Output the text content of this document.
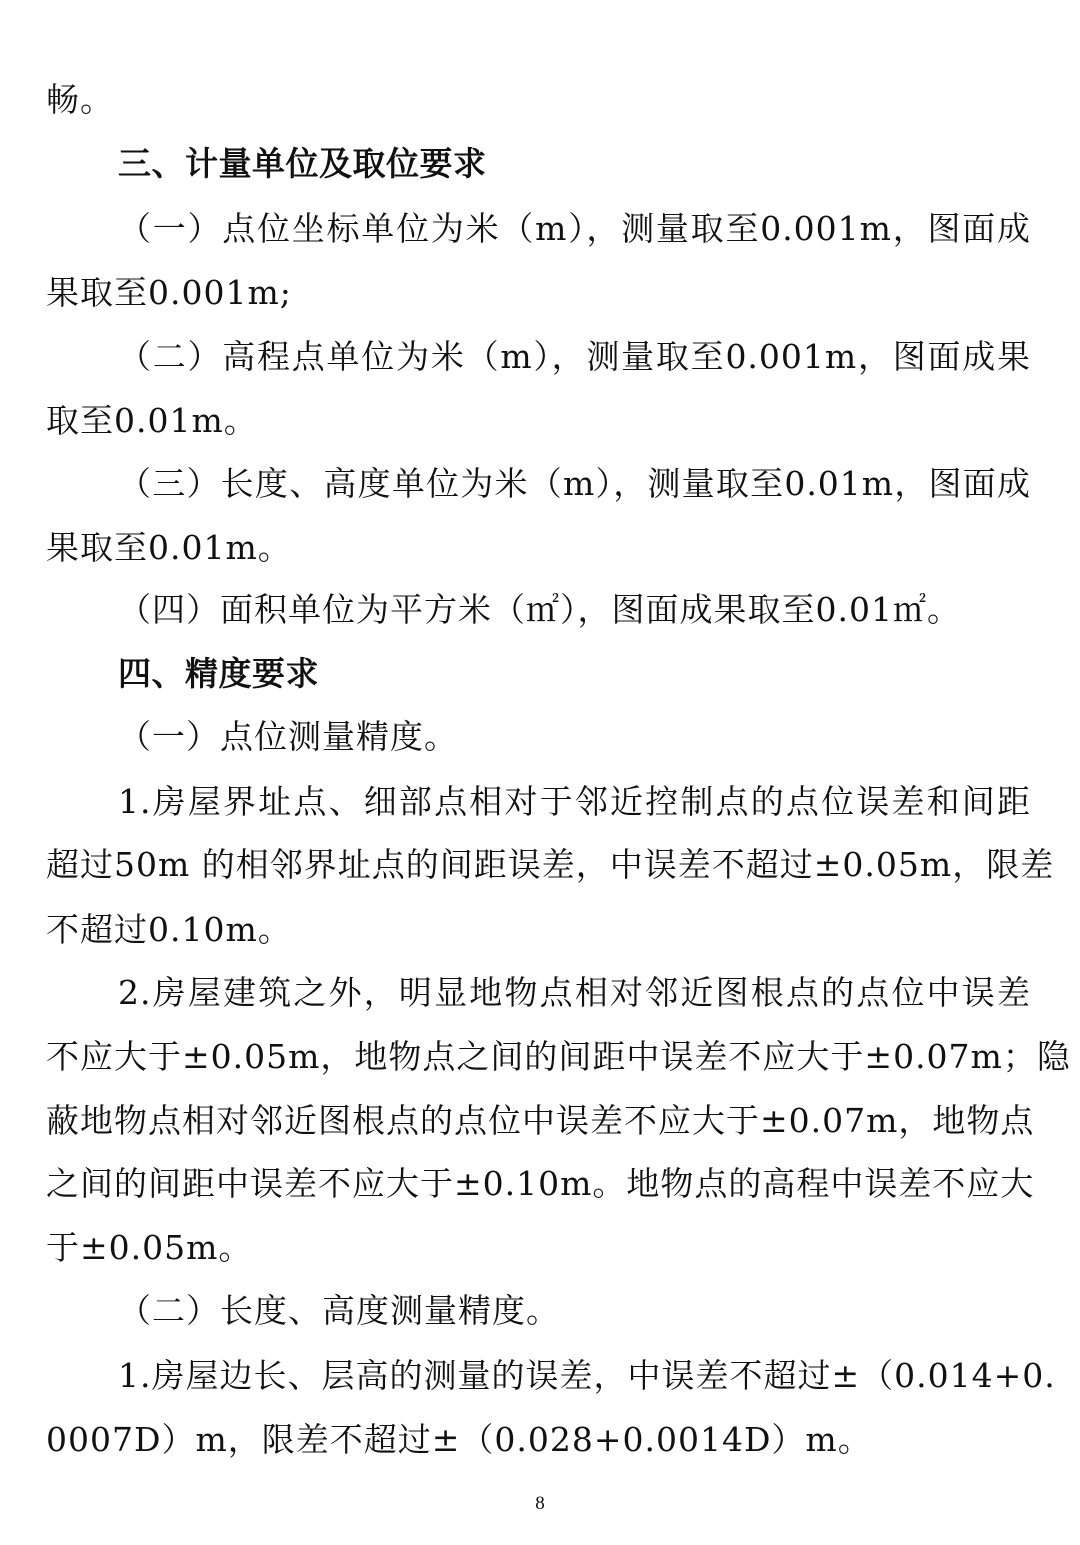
畅。
三、计量单位及取位要求
（一）点位坐标单位为米（m），测量取至0.001m，图面成
果取至0.001m;
（二）高程点单位为米（m），测量取至0.001m，图面成果
取至0.01m。
（三）长度、高度单位为米（m），测量取至0.01m，图面成
果取至0.01m。
（四）面积单位为平方米（㎡），图面成果取至0.01㎡。
四、精度要求
（一）点位测量精度。
1.房屋界址点、细部点相对于邻近控制点的点位误差和间距
超过50m 的相邻界址点的间距误差，中误差不超过±0.05m，限差
不超过0.10m。
2.房屋建筑之外，明显地物点相对邻近图根点的点位中误差
不应大于±0.05m，地物点之间的间距中误差不应大于±0.07m；隐
蔽地物点相对邻近图根点的点位中误差不应大于±0.07m，地物点
之间的间距中误差不应大于±0.10m。地物点的高程中误差不应大
于±0.05m。
（二）长度、高度测量精度。
1.房屋边长、层高的测量的误差，中误差不超过±（0.014+0.
0007D）m，限差不超过±（0.028+0.0014D）m。
8
